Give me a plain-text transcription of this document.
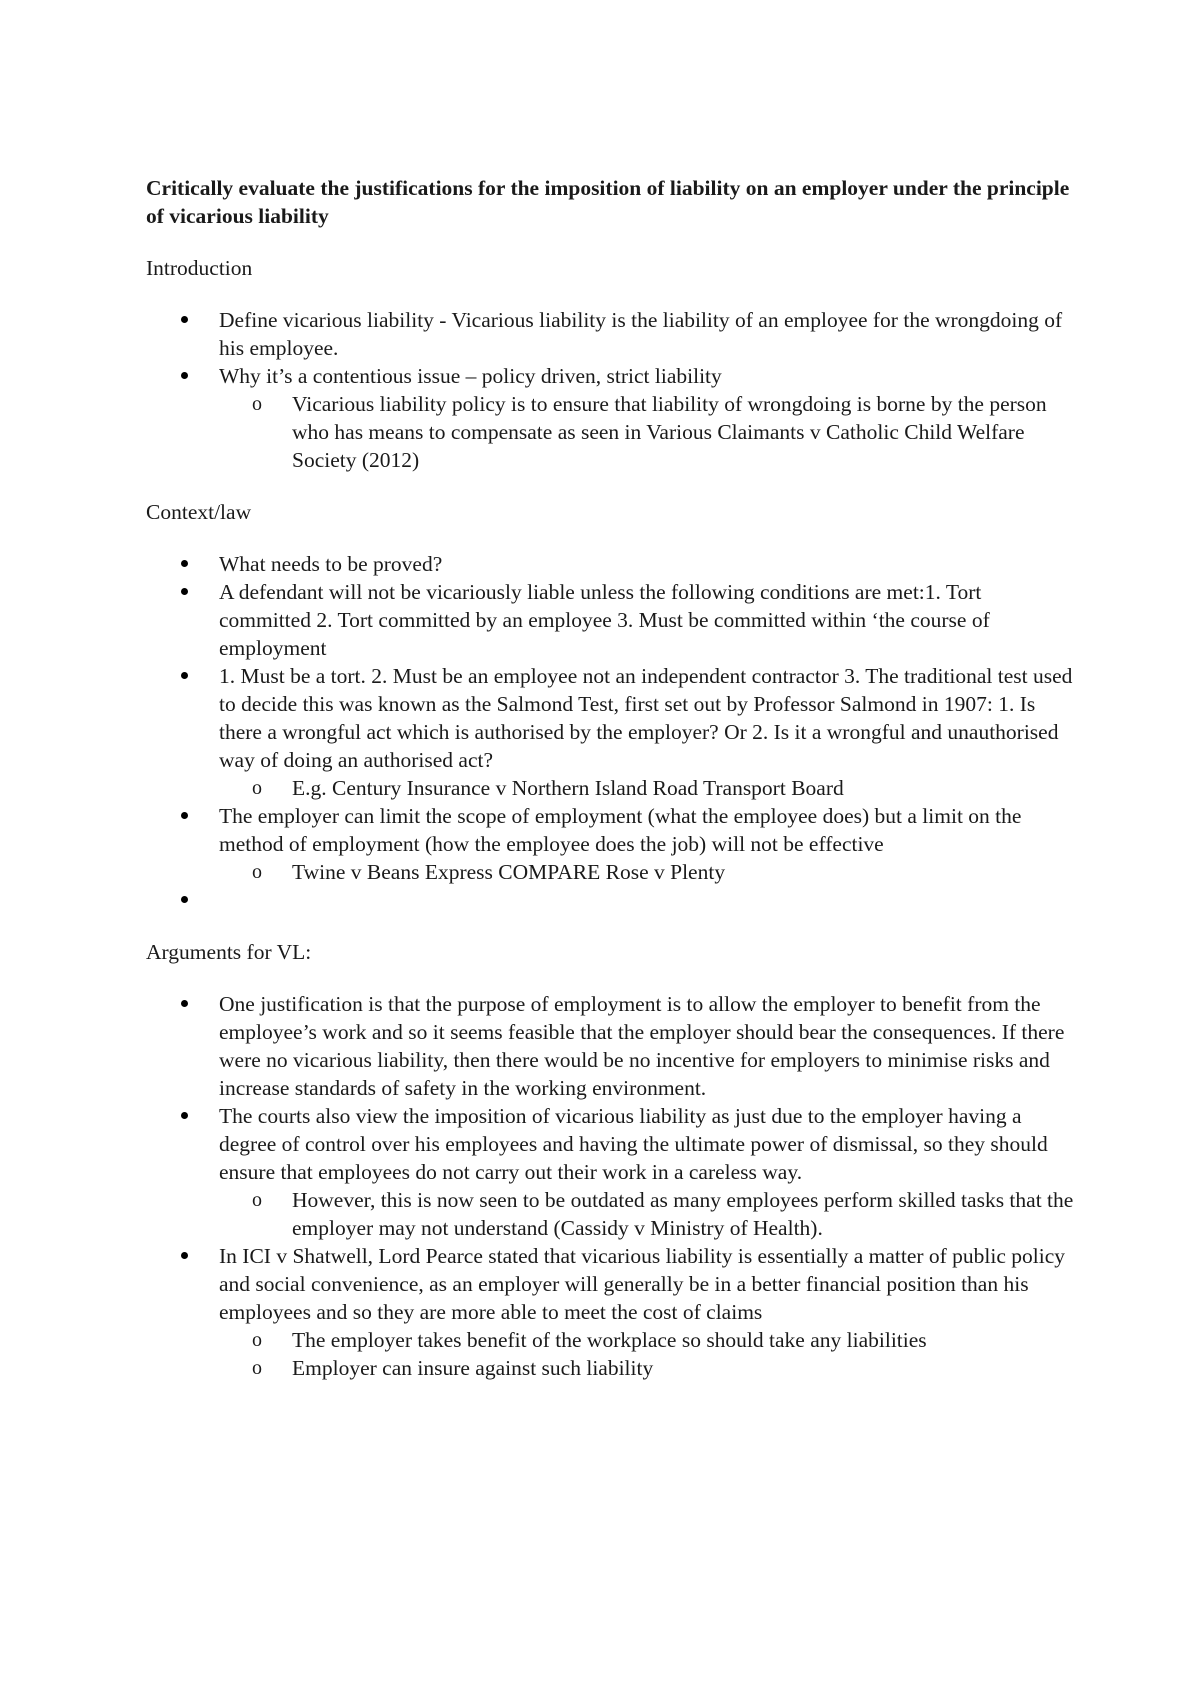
Critically evaluate the justifications for the imposition of liability on an employer under the principle of vicarious liability

Introduction

Define vicarious liability - Vicarious liability is the liability of an employee for the wrongdoing of his employee.
Why it’s a contentious issue – policy driven, strict liability
o Vicarious liability policy is to ensure that liability of wrongdoing is borne by the person who has means to compensate as seen in Various Claimants v Catholic Child Welfare Society (2012)

Context/law

What needs to be proved?
A defendant will not be vicariously liable unless the following conditions are met:1. Tort committed 2. Tort committed by an employee 3. Must be committed within ‘the course of employment
1. Must be a tort. 2. Must be an employee not an independent contractor 3. The traditional test used to decide this was known as the Salmond Test, first set out by Professor Salmond in 1907: 1. Is there a wrongful act which is authorised by the employer? Or 2. Is it a wrongful and unauthorised way of doing an authorised act?
o E.g. Century Insurance v Northern Island Road Transport Board
The employer can limit the scope of employment (what the employee does) but a limit on the method of employment (how the employee does the job) will not be effective
o Twine v Beans Express COMPARE Rose v Plenty

Arguments for VL:

One justification is that the purpose of employment is to allow the employer to benefit from the employee’s work and so it seems feasible that the employer should bear the consequences. If there were no vicarious liability, then there would be no incentive for employers to minimise risks and increase standards of safety in the working environment.
The courts also view the imposition of vicarious liability as just due to the employer having a degree of control over his employees and having the ultimate power of dismissal, so they should ensure that employees do not carry out their work in a careless way.
o However, this is now seen to be outdated as many employees perform skilled tasks that the employer may not understand (Cassidy v Ministry of Health).
In ICI v Shatwell, Lord Pearce stated that vicarious liability is essentially a matter of public policy and social convenience, as an employer will generally be in a better financial position than his employees and so they are more able to meet the cost of claims
o The employer takes benefit of the workplace so should take any liabilities
o Employer can insure against such liability
